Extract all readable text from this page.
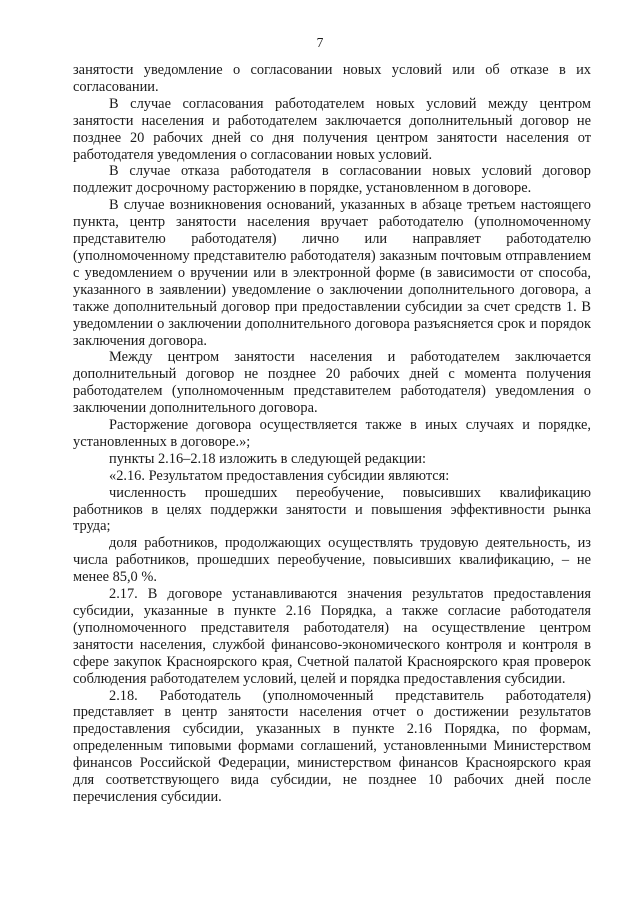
7

занятости уведомление о согласовании новых условий или об отказе в их согласовании.

В случае согласования работодателем новых условий между центром занятости населения и работодателем заключается дополнительный договор не позднее 20 рабочих дней со дня получения центром занятости населения от работодателя уведомления о согласовании новых условий.

В случае отказа работодателя в согласовании новых условий договор подлежит досрочному расторжению в порядке, установленном в договоре.

В случае возникновения оснований, указанных в абзаце третьем настоящего пункта, центр занятости населения вручает работодателю (уполномоченному представителю работодателя) лично или направляет работодателю (уполномоченному представителю работодателя) заказным почтовым отправлением с уведомлением о вручении или в электронной форме (в зависимости от способа, указанного в заявлении) уведомление о заключении дополнительного договора, а также дополнительный договор при предоставлении субсидии за счет средств 1. В уведомлении о заключении дополнительного договора разъясняется срок и порядок заключения договора.

Между центром занятости населения и работодателем заключается дополнительный договор не позднее 20 рабочих дней с момента получения работодателем (уполномоченным представителем работодателя) уведомления о заключении дополнительного договора.

Расторжение договора осуществляется также в иных случаях и порядке, установленных в договоре.»;

пункты 2.16–2.18 изложить в следующей редакции:

«2.16. Результатом предоставления субсидии являются:

численность прошедших переобучение, повысивших квалификацию работников в целях поддержки занятости и повышения эффективности рынка труда;

доля работников, продолжающих осуществлять трудовую деятельность, из числа работников, прошедших переобучение, повысивших квалификацию, – не менее 85,0 %.

2.17. В договоре устанавливаются значения результатов предоставления субсидии, указанные в пункте 2.16 Порядка, а также согласие работодателя (уполномоченного представителя работодателя) на осуществление центром занятости населения, службой финансово-экономического контроля и контроля в сфере закупок Красноярского края, Счетной палатой Красноярского края проверок соблюдения работодателем условий, целей и порядка предоставления субсидии.

2.18. Работодатель (уполномоченный представитель работодателя) представляет в центр занятости населения отчет о достижении результатов предоставления субсидии, указанных в пункте 2.16 Порядка, по формам, определенным типовыми формами соглашений, установленными Министерством финансов Российской Федерации, министерством финансов Красноярского края для соответствующего вида субсидии, не позднее 10 рабочих дней после перечисления субсидии.
